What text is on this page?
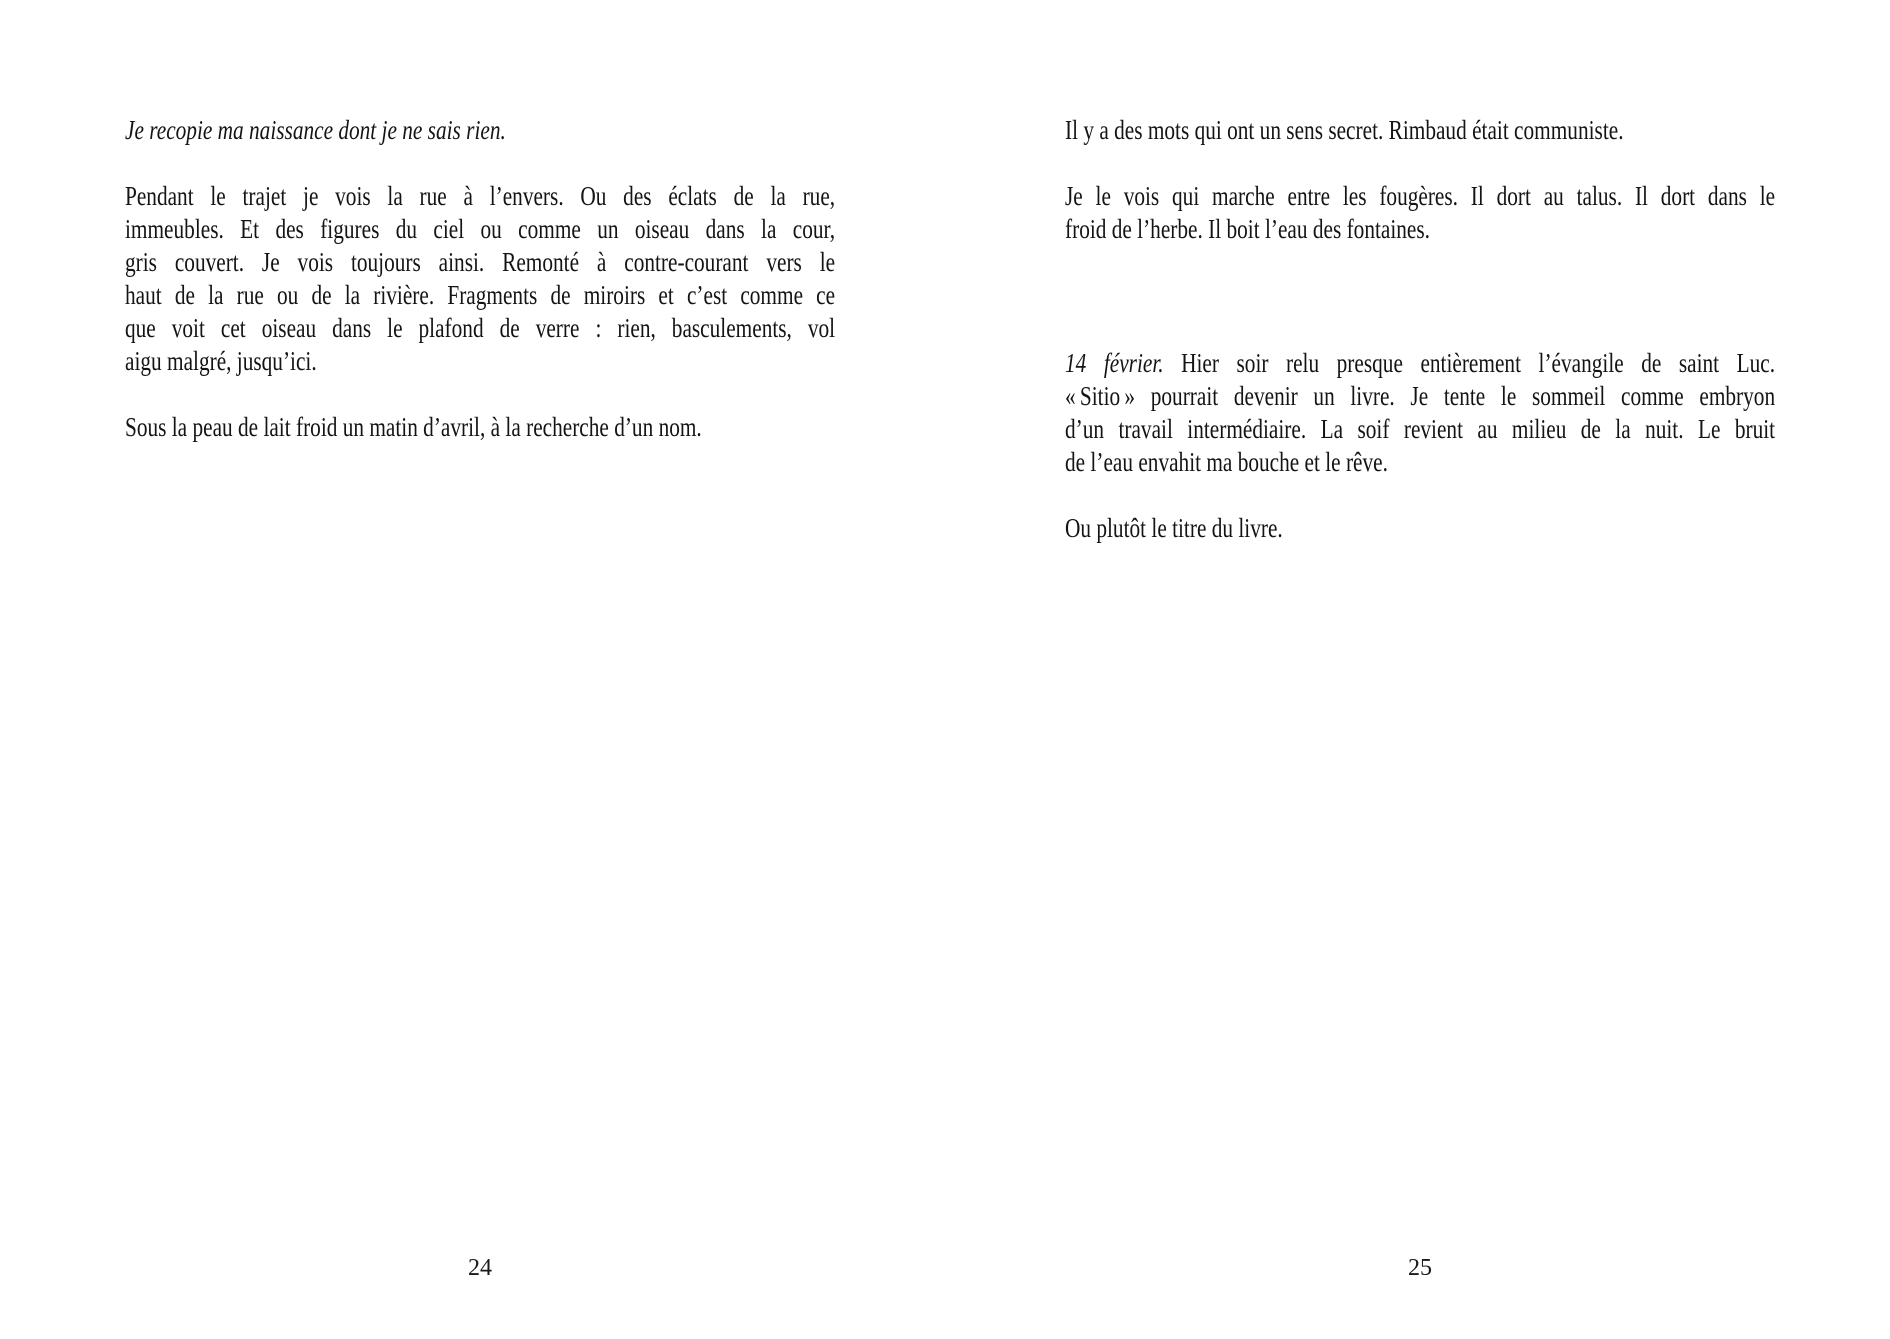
Je recopie ma naissance dont je ne sais rien.
Pendant le trajet je vois la rue à l’envers. Ou des éclats de la rue,
immeubles. Et des figures du ciel ou comme un oiseau dans la cour,
gris couvert. Je vois toujours ainsi. Remonté à contre-courant vers le
haut de la rue ou de la rivière. Fragments de miroirs et c’est comme ce
que voit cet oiseau dans le plafond de verre : rien, basculements, vol
aigu malgré, jusqu’ici.
Sous la peau de lait froid un matin d’avril, à la recherche d’un nom.
24
Il y a des mots qui ont un sens secret. Rimbaud était communiste.
Je le vois qui marche entre les fougères. Il dort au talus. Il dort dans le
froid de l’herbe. Il boit l’eau des fontaines.
14 février. Hier soir relu presque entièrement l’évangile de saint Luc.
« Sitio » pourrait devenir un livre. Je tente le sommeil comme embryon
d’un travail intermédiaire. La soif revient au milieu de la nuit. Le bruit
de l’eau envahit ma bouche et le rêve.
Ou plutôt le titre du livre.
25
